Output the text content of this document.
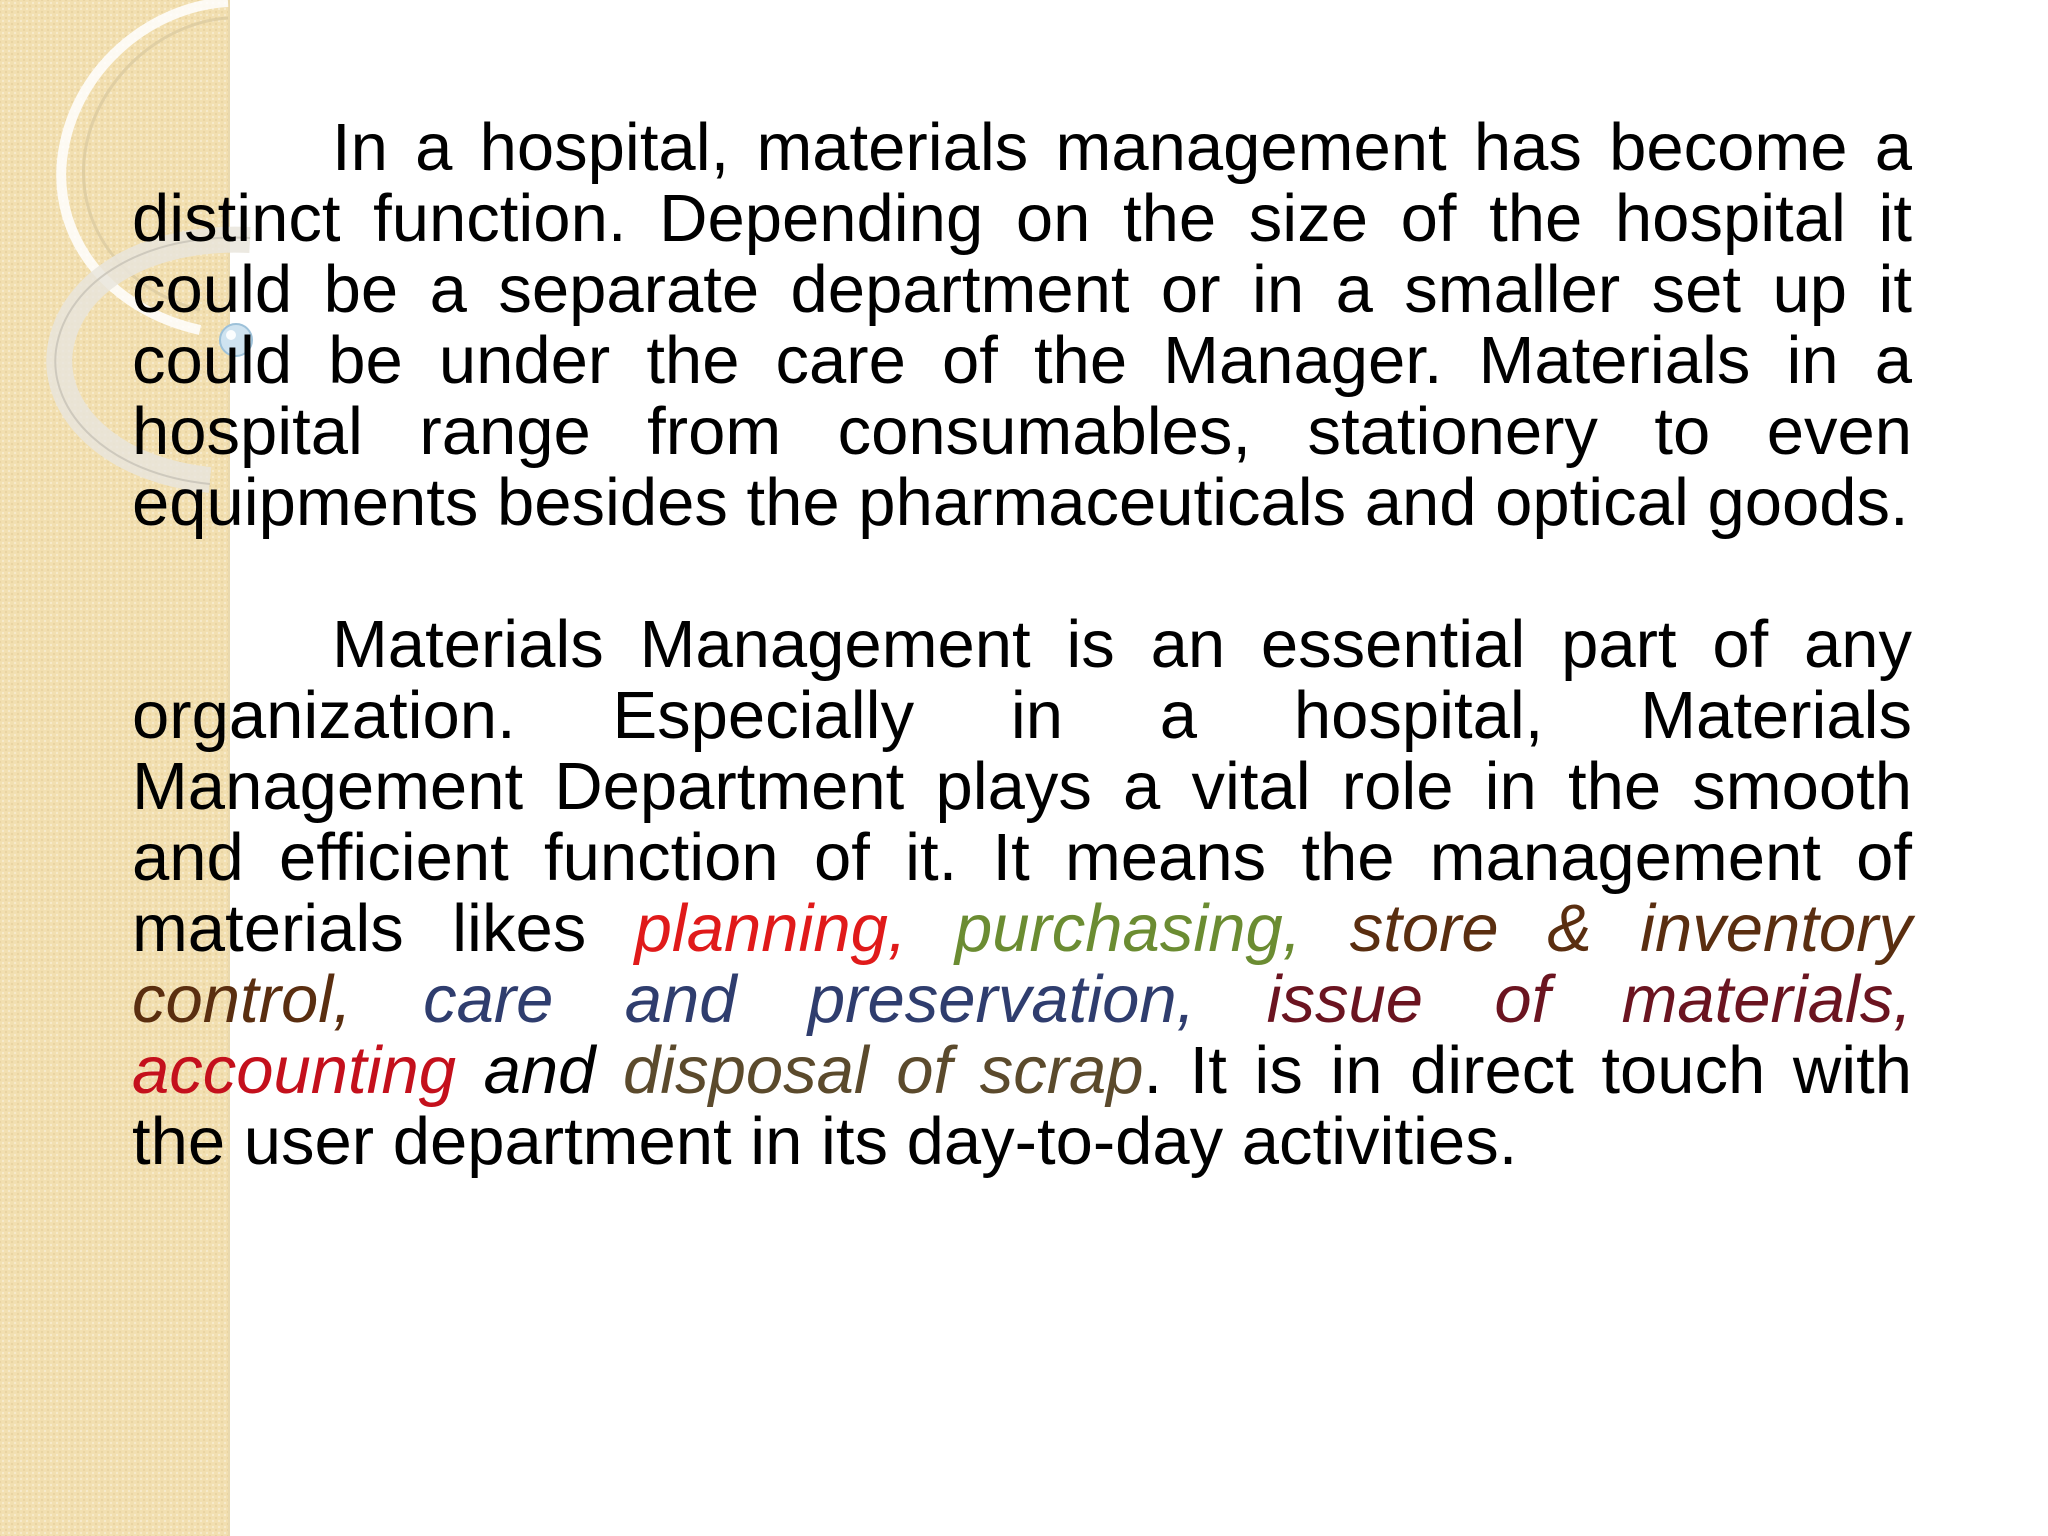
In a hospital, materials management has become a distinct function. Depending on the size of the hospital it could be a separate department or in a smaller set up it could be under the care of the Manager. Materials in a hospital range from consumables, stationery to even equipments besides the pharmaceuticals and optical goods.

Materials Management is an essential part of any organization. Especially in a hospital, Materials Management Department plays a vital role in the smooth and efficient function of it. It means the management of materials likes planning, purchasing, store & inventory control, care and preservation, issue of materials, accounting and disposal of scrap. It is in direct touch with the user department in its day-to-day activities.
